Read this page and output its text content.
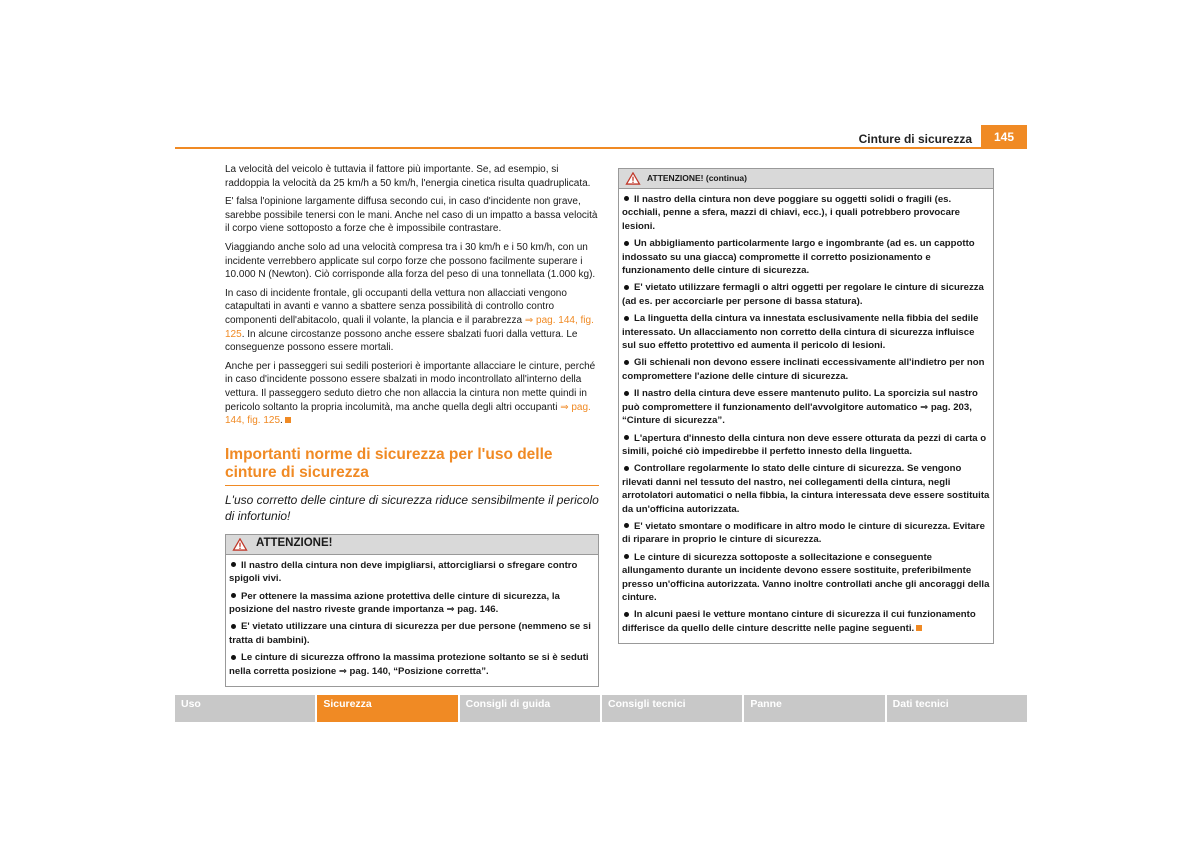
Cinture di sicurezza	145

La velocità del veicolo è tuttavia il fattore più importante. Se, ad esempio, si raddoppia la velocità da 25 km/h a 50 km/h, l'energia cinetica risulta quadruplicata.

E' falsa l'opinione largamente diffusa secondo cui, in caso d'incidente non grave, sarebbe possibile tenersi con le mani. Anche nel caso di un impatto a bassa velocità il corpo viene sottoposto a forze che è impossibile contrastare.

Viaggiando anche solo ad una velocità compresa tra i 30 km/h e i 50 km/h, con un incidente verrebbero applicate sul corpo forze che possono facilmente superare i 10.000 N (Newton). Ciò corrisponde alla forza del peso di una tonnellata (1.000 kg).

In caso di incidente frontale, gli occupanti della vettura non allacciati vengono catapultati in avanti e vanno a sbattere senza possibilità di controllo contro componenti dell'abitacolo, quali il volante, la plancia e il parabrezza ⇒ pag. 144, fig. 125. In alcune circostanze possono anche essere sbalzati fuori dalla vettura. Le conseguenze possono essere mortali.

Anche per i passeggeri sui sedili posteriori è importante allacciare le cinture, perché in caso d'incidente possono essere sbalzati in modo incontrollato all'interno della vettura. Il passeggero seduto dietro che non allaccia la cintura non mette quindi in pericolo soltanto la propria incolumità, ma anche quella degli altri occupanti ⇒ pag. 144, fig. 125.

Importanti norme di sicurezza per l'uso delle cinture di sicurezza
L'uso corretto delle cinture di sicurezza riduce sensibilmente il pericolo di infortunio!
ATTENZIONE!
Il nastro della cintura non deve impigliarsi, attorcigliarsi o sfregare contro spigoli vivi.
Per ottenere la massima azione protettiva delle cinture di sicurezza, la posizione del nastro riveste grande importanza ⇒ pag. 146.
E' vietato utilizzare una cintura di sicurezza per due persone (nemmeno se si tratta di bambini).
Le cinture di sicurezza offrono la massima protezione soltanto se si è seduti nella corretta posizione ⇒ pag. 140, “Posizione corretta”.
ATTENZIONE! (continua)
Il nastro della cintura non deve poggiare su oggetti solidi o fragili (es. occhiali, penne a sfera, mazzi di chiavi, ecc.), i quali potrebbero provocare lesioni.
Un abbigliamento particolarmente largo e ingombrante (ad es. un cappotto indossato su una giacca) compromette il corretto posizionamento e funzionamento delle cinture di sicurezza.
E' vietato utilizzare fermagli o altri oggetti per regolare le cinture di sicurezza (ad es. per accorciarle per persone di bassa statura).
La linguetta della cintura va innestata esclusivamente nella fibbia del sedile interessato. Un allacciamento non corretto della cintura di sicurezza influisce sul suo effetto protettivo ed aumenta il pericolo di lesioni.
Gli schienali non devono essere inclinati eccessivamente all'indietro per non compromettere l'azione delle cinture di sicurezza.
Il nastro della cintura deve essere mantenuto pulito. La sporcizia sul nastro può compromettere il funzionamento dell'avvolgitore automatico ⇒ pag. 203, “Cinture di sicurezza”.
L'apertura d'innesto della cintura non deve essere otturata da pezzi di carta o simili, poiché ciò impedirebbe il perfetto innesto della linguetta.
Controllare regolarmente lo stato delle cinture di sicurezza. Se vengono rilevati danni nel tessuto del nastro, nei collegamenti della cintura, negli arrotolatori automatici o nella fibbia, la cintura interessata deve essere sostituita da un'officina autorizzata.
E' vietato smontare o modificare in altro modo le cinture di sicurezza. Evitare di riparare in proprio le cinture di sicurezza.
Le cinture di sicurezza sottoposte a sollecitazione e conseguente allungamento durante un incidente devono essere sostituite, preferibilmente presso un'officina autorizzata. Vanno inoltre controllati anche gli ancoraggi della cinture.
In alcuni paesi le vetture montano cinture di sicurezza il cui funzionamento differisce da quello delle cinture descritte nelle pagine seguenti.
Uso	Sicurezza	Consigli di guida	Consigli tecnici	Panne	Dati tecnici
